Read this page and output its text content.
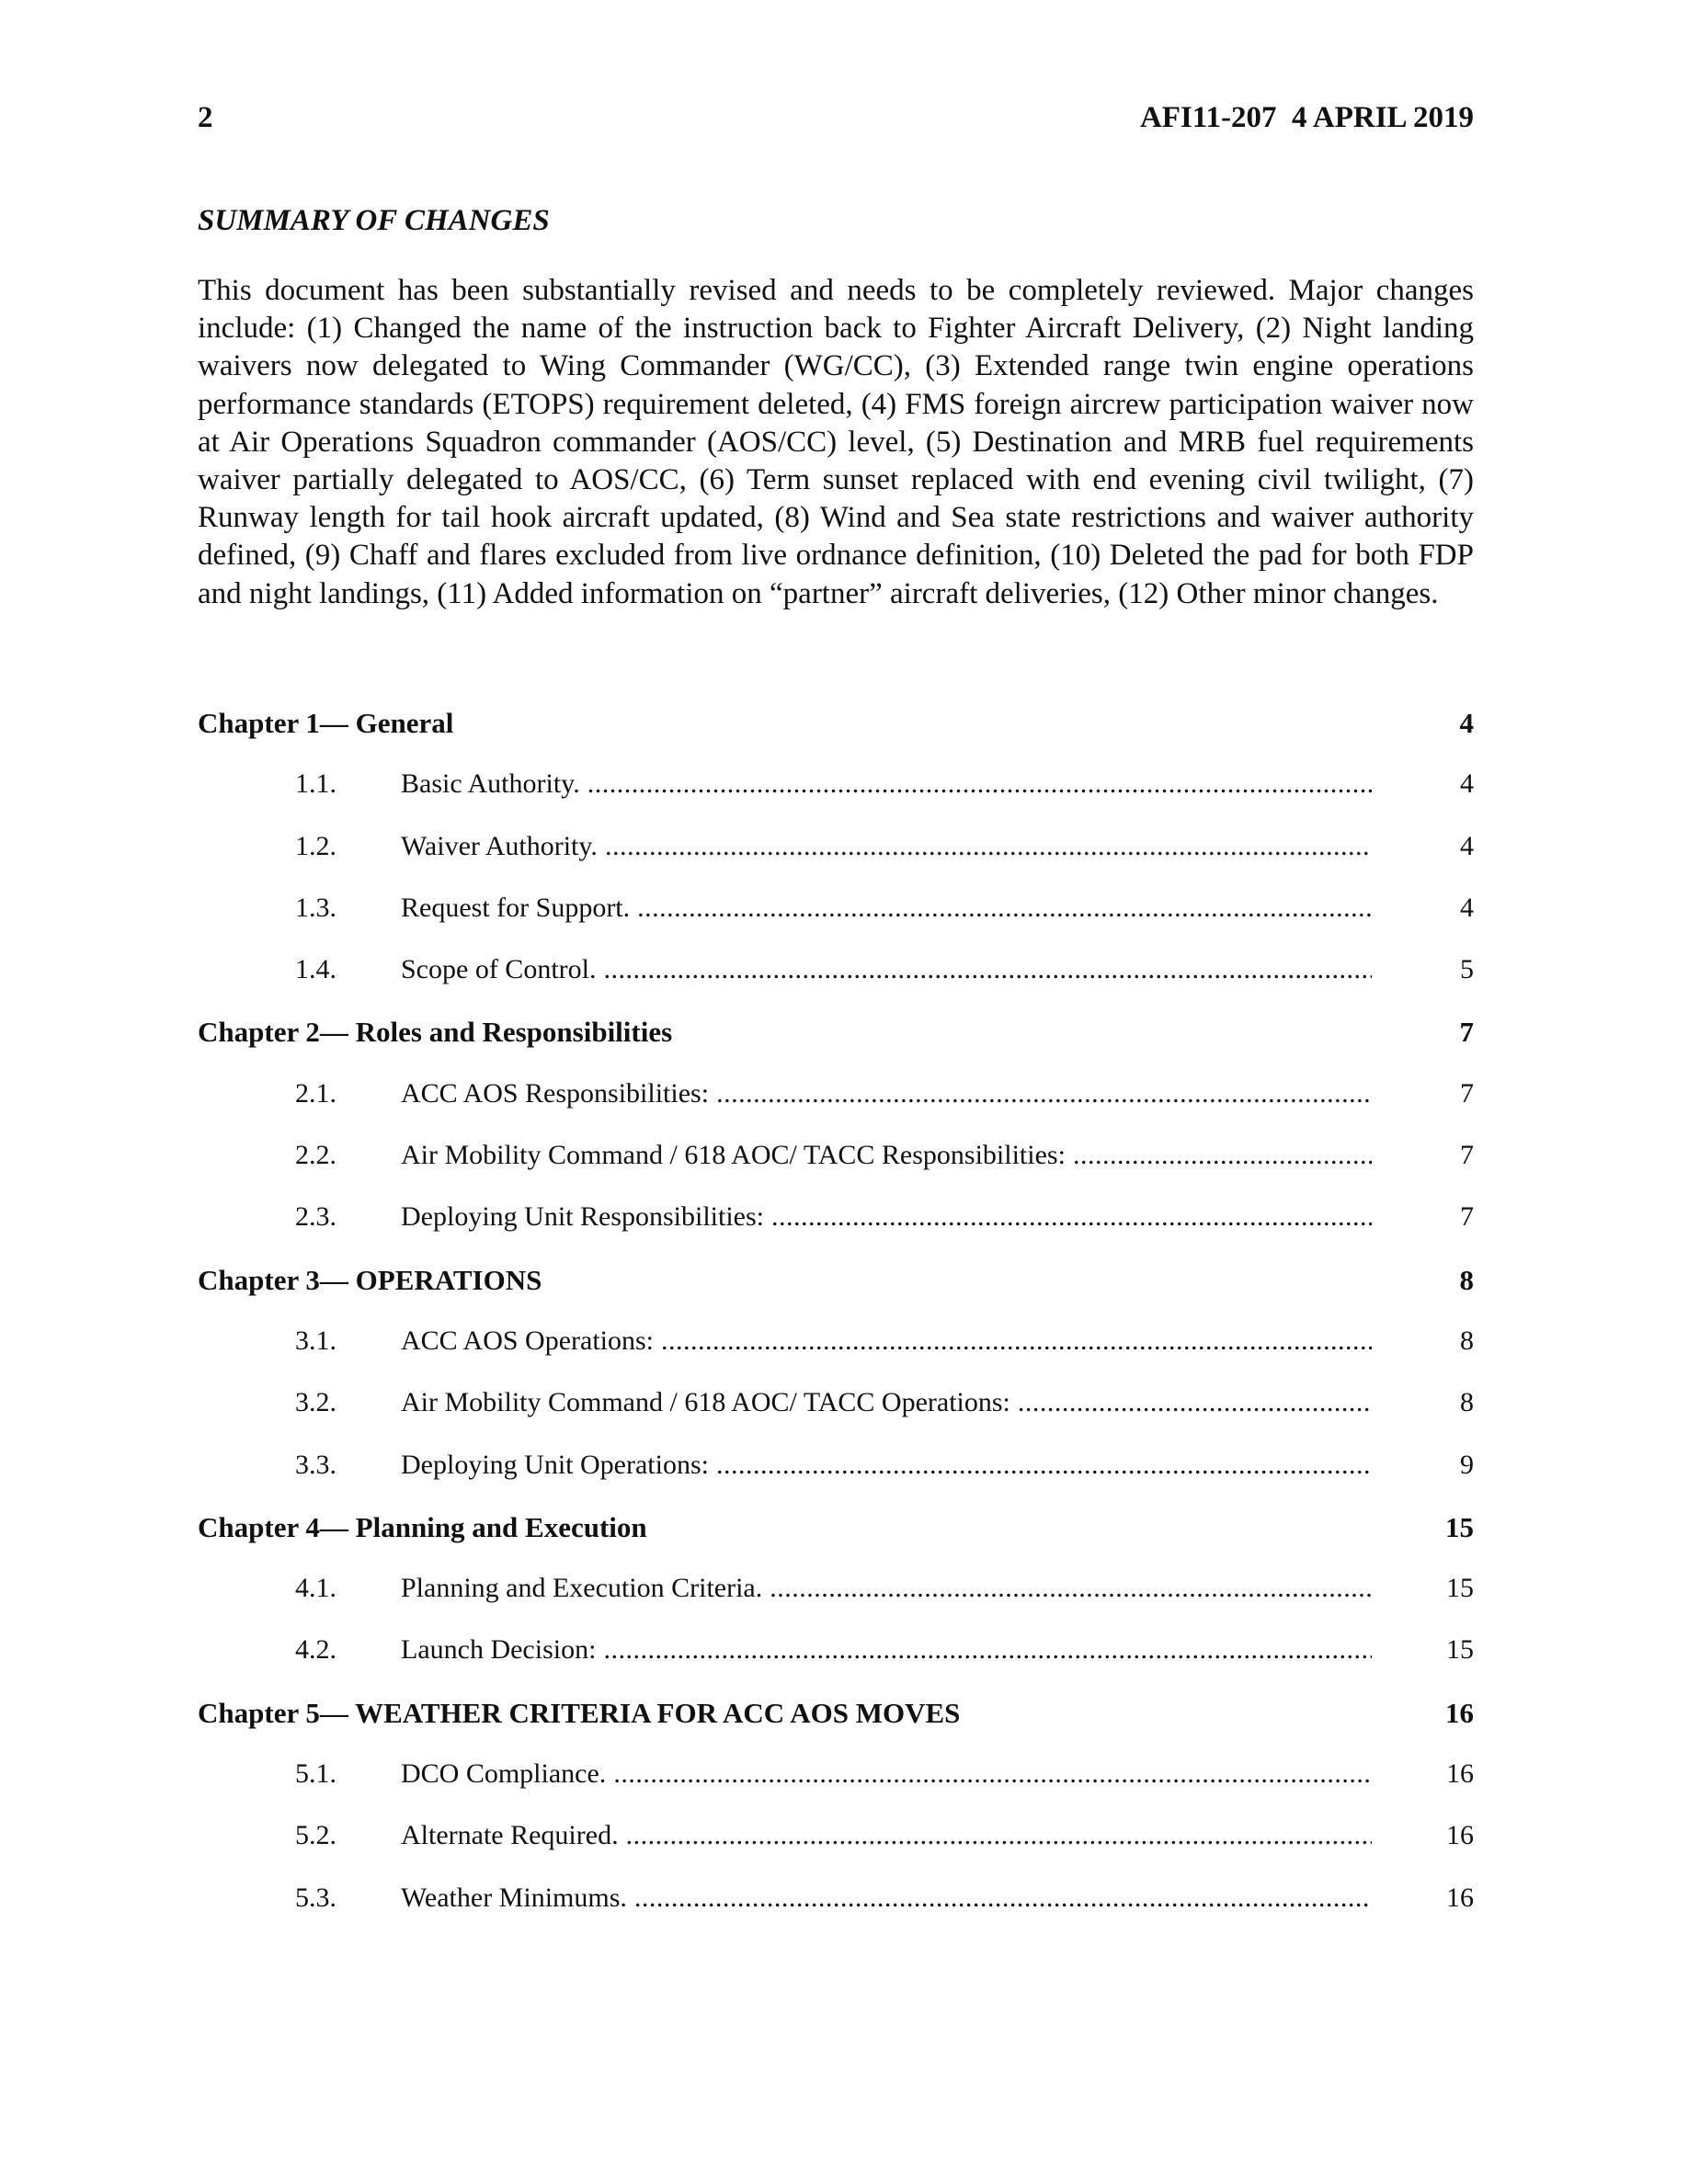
2	AFI11-207  4 APRIL 2019
SUMMARY OF CHANGES

This document has been substantially revised and needs to be completely reviewed. Major changes include: (1) Changed the name of the instruction back to Fighter Aircraft Delivery, (2) Night landing waivers now delegated to Wing Commander (WG/CC), (3) Extended range twin engine operations performance standards (ETOPS) requirement deleted, (4) FMS foreign aircrew participation waiver now at Air Operations Squadron commander (AOS/CC) level, (5) Destination and MRB fuel requirements waiver partially delegated to AOS/CC, (6) Term sunset replaced with end evening civil twilight, (7) Runway length for tail hook aircraft updated, (8) Wind and Sea state restrictions and waiver authority defined, (9) Chaff and flares excluded from live ordnance definition, (10) Deleted the pad for both FDP and night landings, (11) Added information on “partner” aircraft deliveries, (12) Other minor changes.

Chapter 1— General	4
1.1. Basic Authority. .....	4
1.2. Waiver Authority. .....	4
1.3. Request for Support. .....	4
1.4. Scope of Control. .....	5
Chapter 2— Roles and Responsibilities	7
2.1. ACC AOS Responsibilities: .....	7
2.2. Air Mobility Command / 618 AOC/ TACC Responsibilities: .....	7
2.3. Deploying Unit Responsibilities: .....	7
Chapter 3— OPERATIONS	8
3.1. ACC AOS Operations: .....	8
3.2. Air Mobility Command / 618 AOC/ TACC Operations: .....	8
3.3. Deploying Unit Operations: .....	9
Chapter 4— Planning and Execution	15
4.1. Planning and Execution Criteria. .....	15
4.2. Launch Decision: .....	15
Chapter 5— WEATHER CRITERIA FOR ACC AOS MOVES	16
5.1. DCO Compliance. .....	16
5.2. Alternate Required. .....	16
5.3. Weather Minimums. .....	16
